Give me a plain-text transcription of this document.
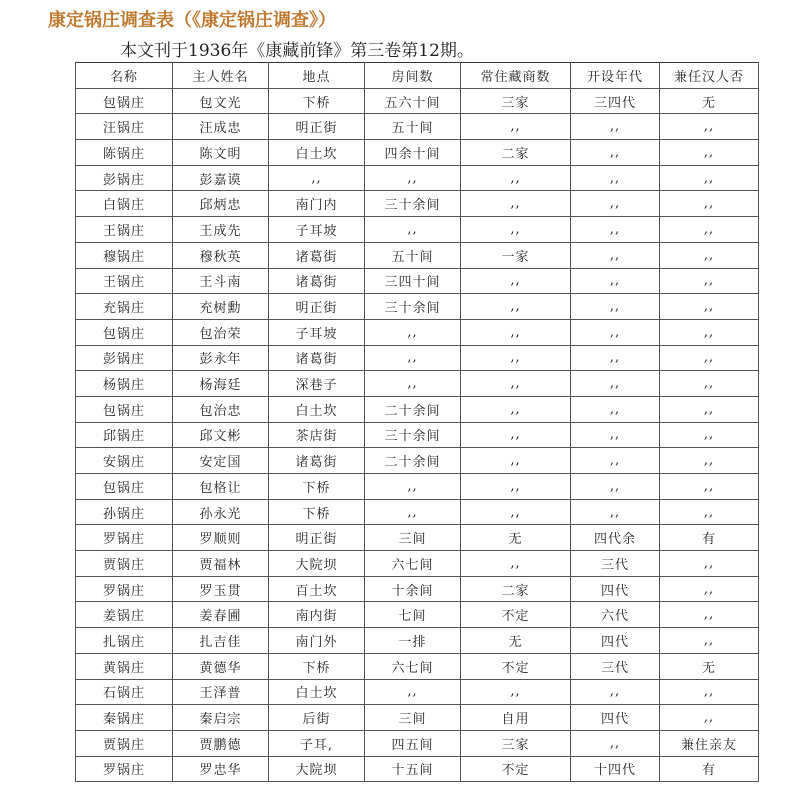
康定锅庄调查表（《康定锅庄调查》）
本文刊于1936年《康藏前锋》第三卷第12期。
名称	主人姓名	地点	房间数	常住藏商数	开设年代	兼任汉人否
包锅庄	包文光	下桥	五六十间	三家	三四代	无
汪锅庄	汪成忠	明正街	五十间	,,	,,	,,
陈锅庄	陈文明	白土坎	四余十间	二家	,,	,,
彭锅庄	彭嘉谟	,,	,,	,,	,,	,,
白锅庄	邱炳忠	南门内	三十余间	,,	,,	,,
王锅庄	王成先	子耳坡	,,	,,	,,	,,
穆锅庄	穆秋英	诸葛街	五十间	一家	,,	,,
王锅庄	王斗南	诸葛街	三四十间	,,	,,	,,
充锅庄	充树勳	明正街	三十余间	,,	,,	,,
包锅庄	包治荣	子耳坡	,,	,,	,,	,,
彭锅庄	彭永年	诸葛街	,,	,,	,,	,,
杨锅庄	杨海廷	深巷子	,,	,,	,,	,,
包锅庄	包治忠	白土坎	二十余间	,,	,,	,,
邱锅庄	邱文彬	茶店街	三十余间	,,	,,	,,
安锅庄	安定国	诸葛街	二十余间	,,	,,	,,
包锅庄	包格让	下桥	,,	,,	,,	,,
孙锅庄	孙永光	下桥	,,	,,	,,	,,
罗锅庄	罗顺则	明正街	三间	无	四代余	有
贾锅庄	贾福林	大院坝	六七间	,,	三代	,,
罗锅庄	罗玉贯	百土坎	十余间	二家	四代	,,
姜锅庄	姜春圃	南内街	七间	不定	六代	,,
扎锅庄	扎吉佳	南门外	一排	无	四代	,,
黄锅庄	黄德华	下桥	六七间	不定	三代	无
石锅庄	王泽普	白土坎	,,	,,	,,	,,
秦锅庄	秦启宗	后街	三间	自用	四代	,,
贾锅庄	贾鹏德	子耳,	四五间	三家	,,	兼住亲友
罗锅庄	罗忠华	大院坝	十五间	不定	十四代	有
